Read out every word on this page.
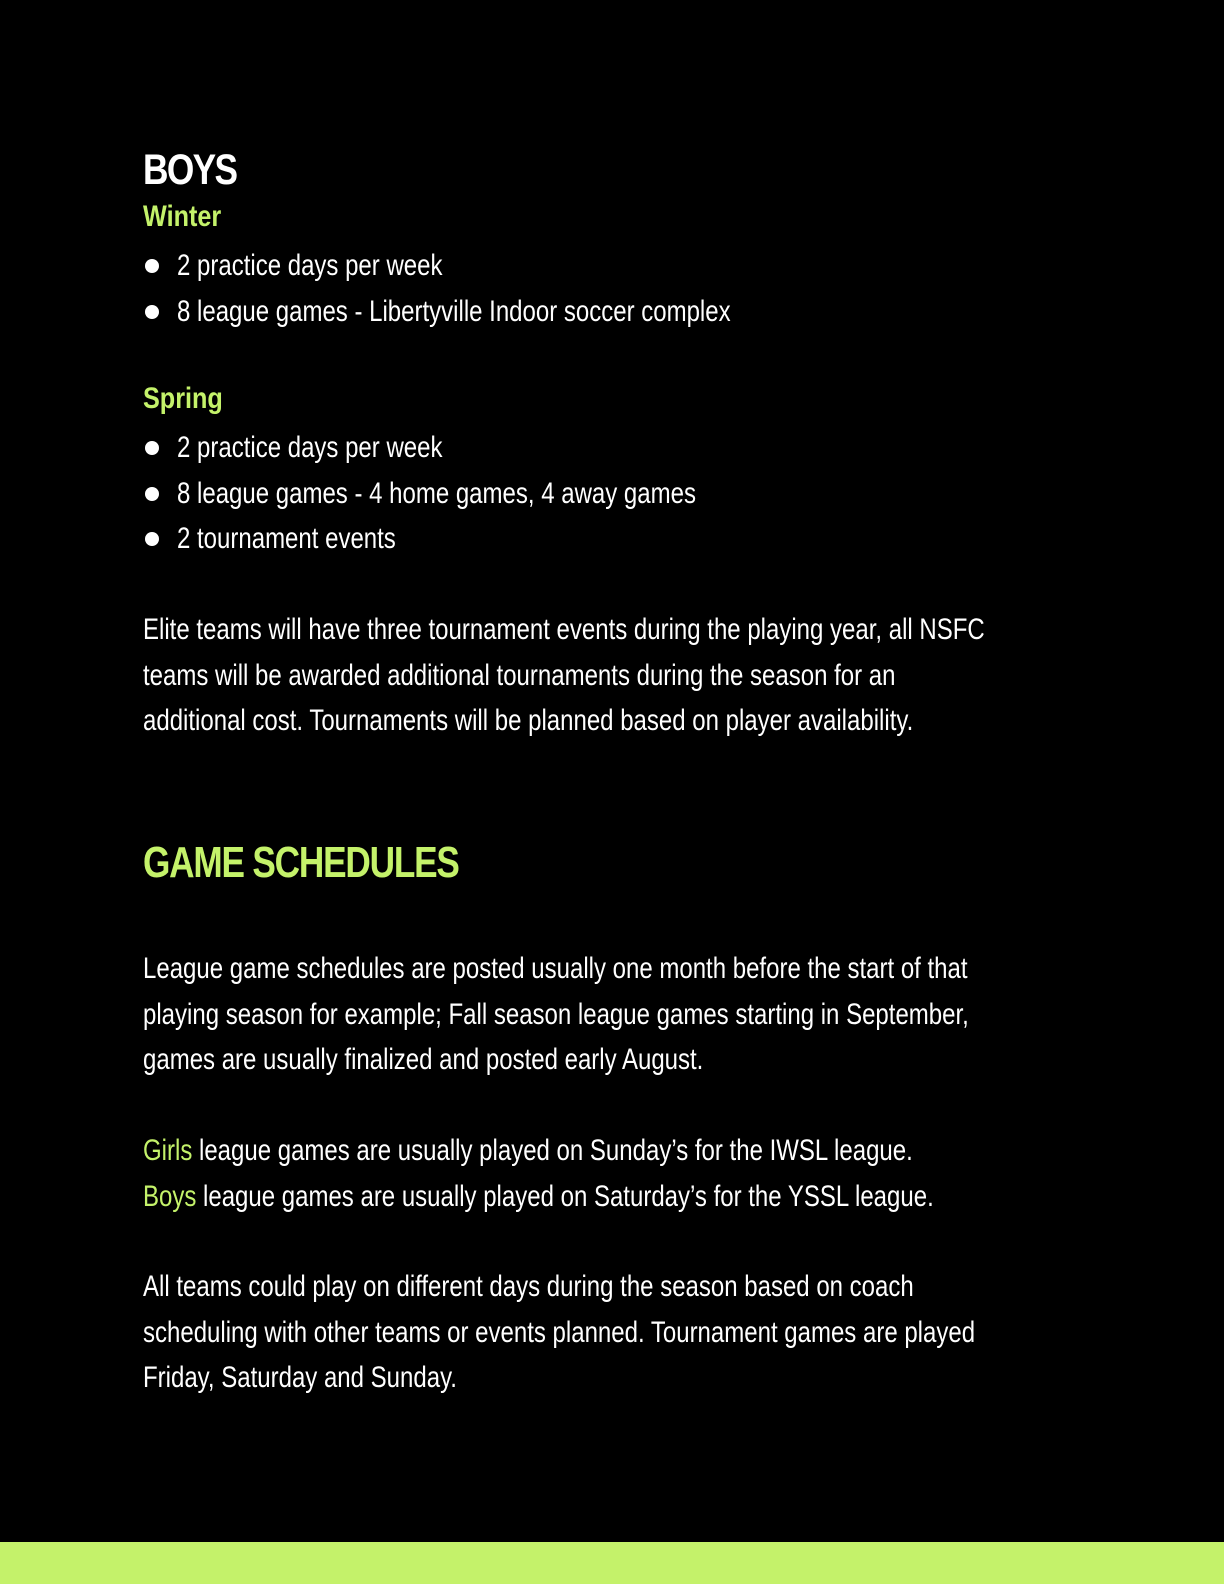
BOYS
Winter
2 practice days per week
8 league games - Libertyville Indoor soccer complex
Spring
2 practice days per week
8 league games - 4 home games, 4 away games
2 tournament events

Elite teams will have three tournament events during the playing year, all NSFC
teams will be awarded additional tournaments during the season for an
additional cost. Tournaments will be planned based on player availability.

GAME SCHEDULES

League game schedules are posted usually one month before the start of that
playing season for example; Fall season league games starting in September,
games are usually finalized and posted early August.

Girls league games are usually played on Sunday’s for the IWSL league.
Boys league games are usually played on Saturday’s for the YSSL league.

All teams could play on different days during the season based on coach
scheduling with other teams or events planned. Tournament games are played
Friday, Saturday and Sunday.
